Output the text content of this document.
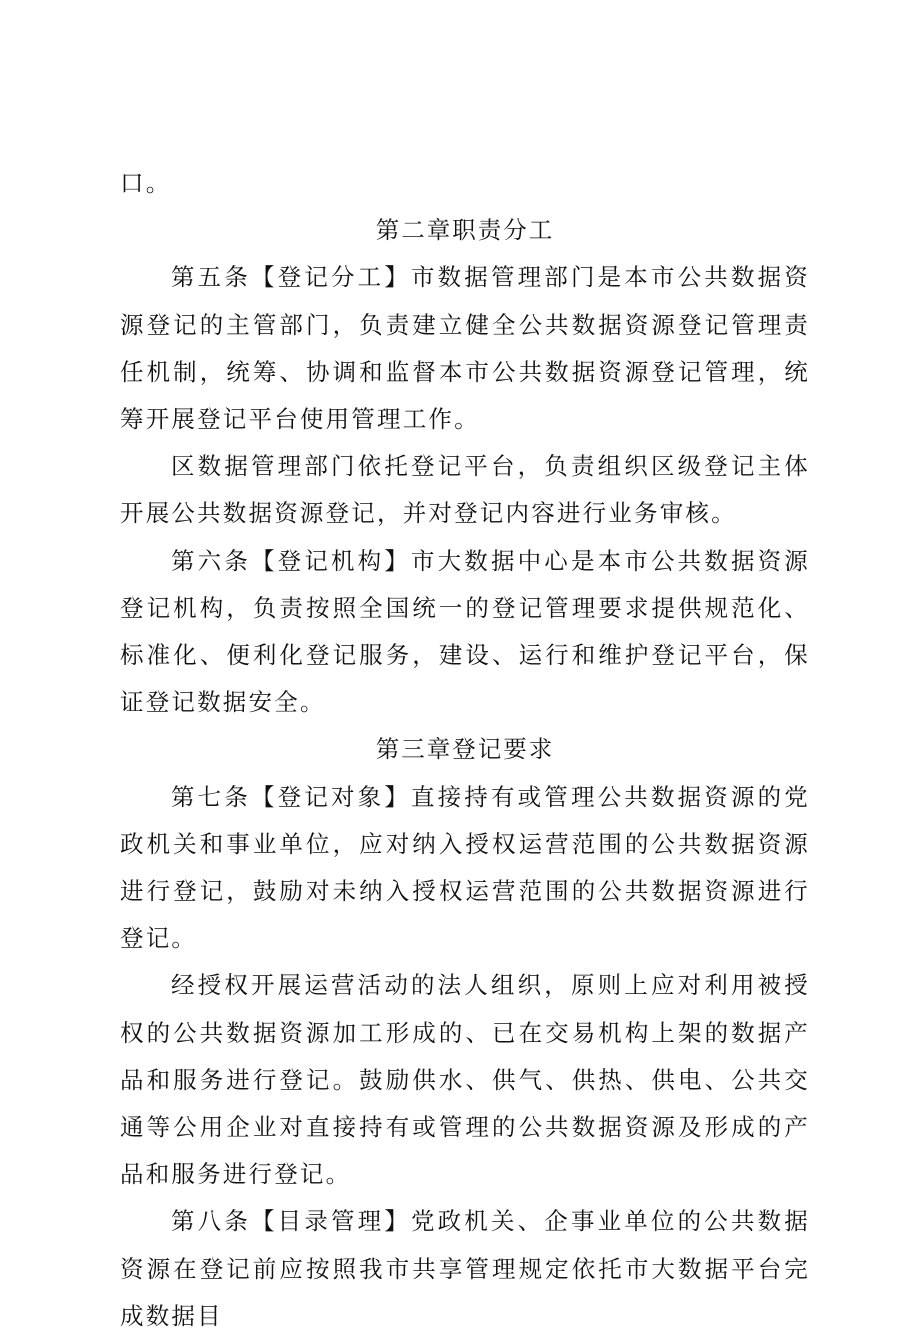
口。

第二章职责分工

第五条【登记分工】市数据管理部门是本市公共数据资源登记的主管部门，负责建立健全公共数据资源登记管理责任机制，统筹、协调和监督本市公共数据资源登记管理，统筹开展登记平台使用管理工作。

区数据管理部门依托登记平台，负责组织区级登记主体开展公共数据资源登记，并对登记内容进行业务审核。

第六条【登记机构】市大数据中心是本市公共数据资源登记机构，负责按照全国统一的登记管理要求提供规范化、标准化、便利化登记服务，建设、运行和维护登记平台，保证登记数据安全。

第三章登记要求

第七条【登记对象】直接持有或管理公共数据资源的党政机关和事业单位，应对纳入授权运营范围的公共数据资源进行登记，鼓励对未纳入授权运营范围的公共数据资源进行登记。

经授权开展运营活动的法人组织，原则上应对利用被授权的公共数据资源加工形成的、已在交易机构上架的数据产品和服务进行登记。鼓励供水、供气、供热、供电、公共交通等公用企业对直接持有或管理的公共数据资源及形成的产品和服务进行登记。

第八条【目录管理】党政机关、企事业单位的公共数据资源在登记前应按照我市共享管理规定依托市大数据平台完成数据目
